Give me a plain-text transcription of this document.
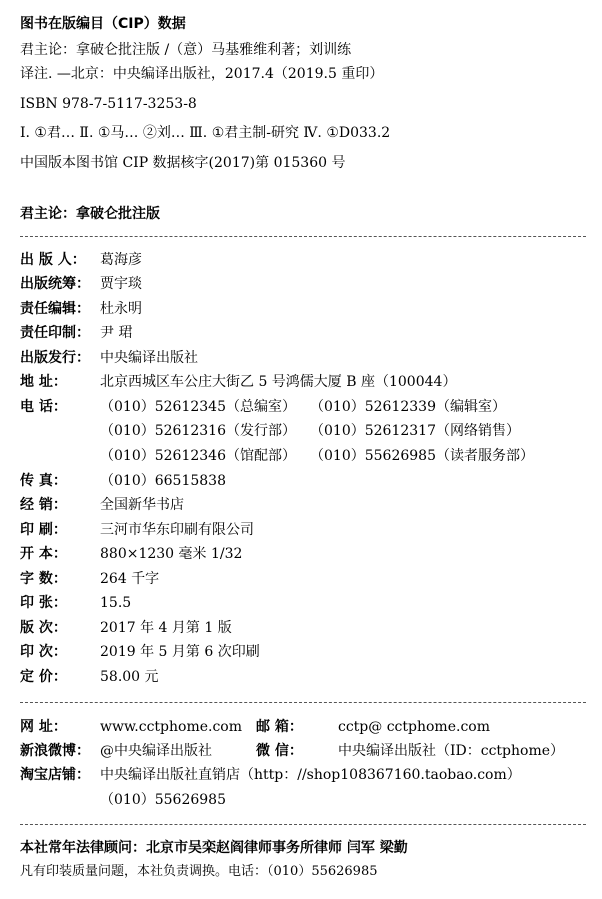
图书在版编目（CIP）数据
君主论：拿破仑批注版 /（意）马基雅维利著；刘训练
译注. —北京：中央编译出版社，2017.4（2019.5 重印）
ISBN 978-7-5117-3253-8
Ⅰ. ①君… Ⅱ. ①马… ②刘… Ⅲ. ①君主制-研究 Ⅳ. ①D033.2
中国版本图书馆 CIP 数据核字(2017)第 015360 号
君主论：拿破仑批注版
出 版 人：	葛海彦
出版统筹： 贾宇琰
责任编辑： 杜永明
责任印制： 尹 珺
出版发行： 中央编译出版社
地 址：	北京西城区车公庄大街乙 5 号鸿儒大厦 B 座（100044）
电 话：	（010）52612345（总编室） （010）52612339（编辑室）
（010）52612316（发行部） （010）52612317（网络销售）
（010）52612346（馆配部） （010）55626985（读者服务部）
传 真：	（010）66515838
经 销：	全国新华书店
印 刷：	三河市华东印刷有限公司
开 本：	880×1230 毫米 1/32
字 数：	264 千字
印 张：	15.5
版 次：	2017 年 4 月第 1 版
印 次：	2019 年 5 月第 6 次印刷
定 价：	58.00 元
网 址：	www.cctphome.com 邮 箱：	cctp@ cctphome.com
新浪微博： @中央编译出版社	微 信：	中央编译出版社（ID：cctphome）
淘宝店铺： 中央编译出版社直销店（http：//shop108367160.taobao.com）
（010）55626985
本社常年法律顾问：北京市吴栾赵阎律师事务所律师 闫军 梁勤
凡有印装质量问题，本社负责调换。电话：（010）55626985
